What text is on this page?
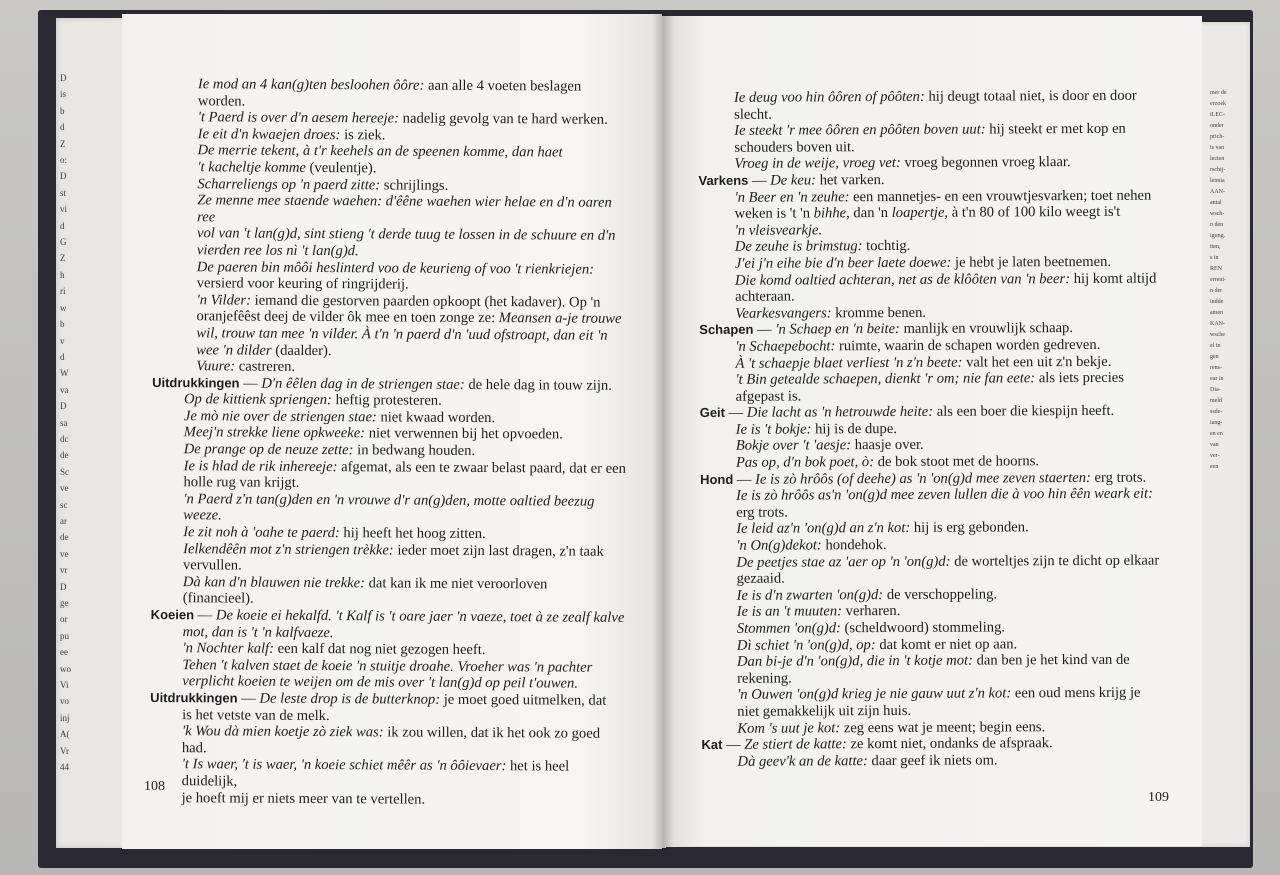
D
is
b
d
Z
o:
D
st
vi
d
G
Z
h
ri
w
b
v
d
W
va
D
sa
dc
de
Sc
ve
sc
ar
de
ve
vr
D
ge
or
pu
ee
wo
Vi
vo
inj
A(
Vr
44
Ie mod an 4 kan(g)ten besloohen ôôre: aan alle 4 voeten beslagen worden.
't Paerd is over d'n aesem hereeje: nadelig gevolg van te hard werken.
Ie eit d'n kwaejen droes: is ziek.
De merrie tekent, à t'r keehels an de speenen komme, dan haet
't kacheltje komme (veulentje).
Scharreliengs op 'n paerd zitte: schrijlings.
Ze menne mee staende waehen: d'êêne waehen wier helae en d'n oaren ree
vol van 't lan(g)d, sint stieng 't derde tuug te lossen in de schuure en d'n
vierden ree los nì 't lan(g)d.
De paeren bin môôi heslinterd voo de keurieng of voo 't rienkriejen:
versierd voor keuring of ringrijderij.
'n Vilder: iemand die gestorven paarden opkoopt (het kadaver). Op 'n
oranjefêêst deej de vilder ôk mee en toen zonge ze: Meansen a-je trouwe
wil, trouw tan mee 'n vilder. À t'n 'n paerd d'n 'uud ofstroapt, dan eit 'n
wee 'n dilder (daalder).
Vuure: castreren.
Uitdrukkingen — D'n êêlen dag in de striengen stae: de hele dag in touw zijn.
Op de kittienk spriengen: heftig protesteren.
Je mò nie over de striengen stae: niet kwaad worden.
Meej'n strekke liene opkweeke: niet verwennen bij het opvoeden.
De prange op de neuze zette: in bedwang houden.
Ie is hlad de rik inhereeje: afgemat, als een te zwaar belast paard, dat er een
holle rug van krijgt.
'n Paerd z'n tan(g)den en 'n vrouwe d'r an(g)den, motte oaltied beezug
weeze.
Ie zit noh à 'oahe te paerd: hij heeft het hoog zitten.
Ielkendêên mot z'n striengen trèkke: ieder moet zijn last dragen, z'n taak
vervullen.
Dà kan d'n blauwen nie trekke: dat kan ik me niet veroorloven
(financieel).
Koeien — De koeie ei hekalfd. 't Kalf is 't oare jaer 'n vaeze, toet à ze zealf kalve
mot, dan is 't 'n kalfvaeze.
'n Nochter kalf: een kalf dat nog niet gezogen heeft.
Tehen 't kalven staet de koeie 'n stuitje droahe. Vroeher was 'n pachter
verplicht koeien te weijen om de mis over 't lan(g)d op peil t'ouwen.
Uitdrukkingen — De leste drop is de butterknop: je moet goed uitmelken, dat
is het vetste van de melk.
'k Wou dà mien koetje zò ziek was: ik zou willen, dat ik het ook zo goed
had.
't Is waer, 't is waer, 'n koeie schiet mêêr as 'n ôôievaer: het is heel duidelijk,
je hoeft mij er niets meer van te vertellen.
108
Ie deug voo hin ôôren of pôôten: hij deugt totaal niet, is door en door
slecht.
Ie steekt 'r mee ôôren en pôôten boven uut: hij steekt er met kop en
schouders boven uit.
Vroeg in de weije, vroeg vet: vroeg begonnen vroeg klaar.
Varkens — De keu: het varken.
'n Beer en 'n zeuhe: een mannetjes- en een vrouwtjesvarken; toet nehen
weken is 't 'n bihhe, dan 'n loapertje, à t'n 80 of 100 kilo weegt is't
'n vleisvearkje.
De zeuhe is brimstug: tochtig.
J'ei j'n eihe bie d'n beer laete doewe: je hebt je laten beetnemen.
Die komd oaltied achteran, net as de klôôten van 'n beer: hij komt altijd
achteraan.
Vearkesvangers: kromme benen.
Schapen — 'n Schaep en 'n beite: manlijk en vrouwlijk schaap.
'n Schaepebocht: ruimte, waarin de schapen worden gedreven.
À 't schaepje blaet verliest 'n z'n beete: valt het een uit z'n bekje.
't Bin getealde schaepen, dienkt 'r om; nie fan eete: als iets precies
afgepast is.
Geit — Die lacht as 'n hetrouwde heite: als een boer die kiespijn heeft.
Ie is 't bokje: hij is de dupe.
Bokje over 't 'aesje: haasje over.
Pas op, d'n bok poet, ò: de bok stoot met de hoorns.
Hond — Ie is zò hrôôs (of deehe) as 'n 'on(g)d mee zeven staerten: erg trots.
Ie is zò hrôôs as'n 'on(g)d mee zeven lullen die à voo hin êên weark eit:
erg trots.
Ie leid az'n 'on(g)d an z'n kot: hij is erg gebonden.
'n On(g)dekot: hondehok.
De peetjes stae az 'aer op 'n 'on(g)d: de worteltjes zijn te dicht op elkaar
gezaaid.
Ie is d'n zwarten 'on(g)d: de verschoppeling.
Ie is an 't muuten: verharen.
Stommen 'on(g)d: (scheldwoord) stommeling.
Dì schiet 'n 'on(g)d, op: dat komt er niet op aan.
Dan bi-je d'n 'on(g)d, die in 't kotje mot: dan ben je het kind van de
rekening.
'n Ouwen 'on(g)d krieg je nie gauw uut z'n kot: een oud mens krijg je
niet gemakkelijk uit zijn huis.
Kom 's uut je kot: zeg eens wat je meent; begin eens.
Kat — Ze stiert de katte: ze komt niet, ondanks de afspraak.
Dà geev'k an de katte: daar geef ik niets om.
109
mer de
erzoek
iLEC-
onder
prich-
is van
lecten
rschij-
lennia
AAN-
antal
wsch-
n den
igung.
tten,
s in
REN
erreni-
n der
indde
amen
KAN-
wsche
el in
gen
rens-
ear in
Dia-
meld
ssde-
iang-
en en
van
ver-
een
